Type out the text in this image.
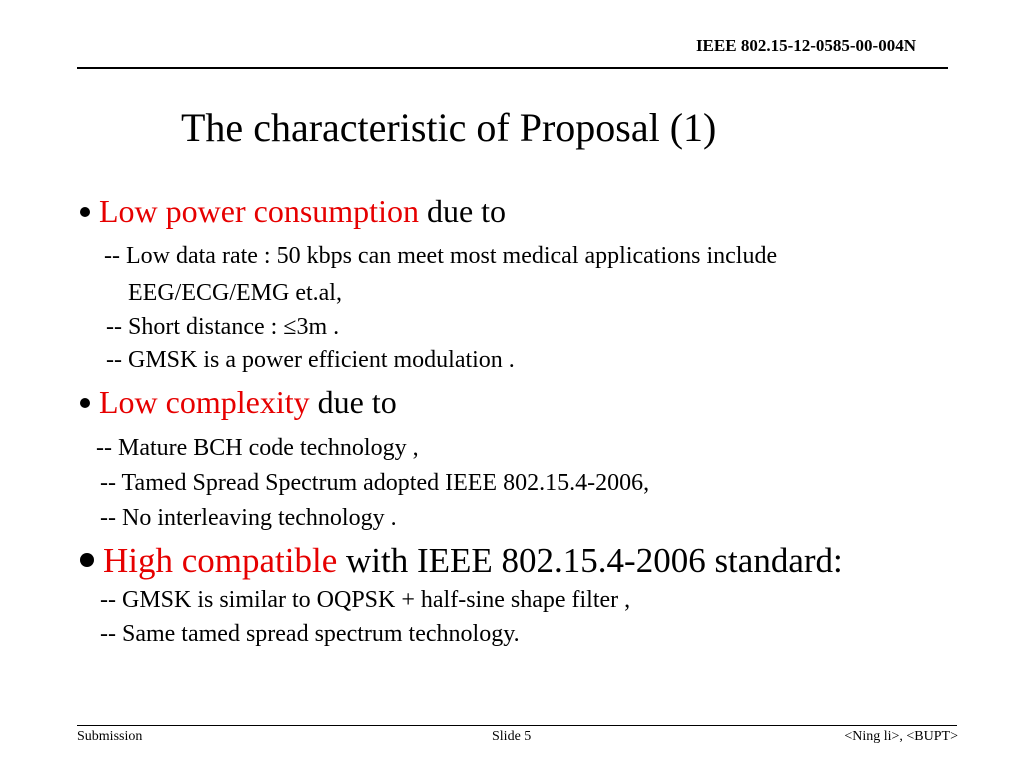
IEEE 802.15-12-0585-00-004N
The characteristic of Proposal (1)
Low power consumption due to
-- Low data rate : 50 kbps can meet most medical applications include
EEG/ECG/EMG et.al,
-- Short distance : ≤3m .
-- GMSK is a power efficient modulation .
Low complexity due to
-- Mature BCH code technology ,
-- Tamed Spread Spectrum adopted IEEE 802.15.4-2006,
-- No interleaving technology .
High compatible with IEEE 802.15.4-2006 standard:
-- GMSK is similar to OQPSK + half-sine shape filter ,
-- Same tamed spread spectrum technology.
Submission	Slide 5	<Ning li>, <BUPT>
